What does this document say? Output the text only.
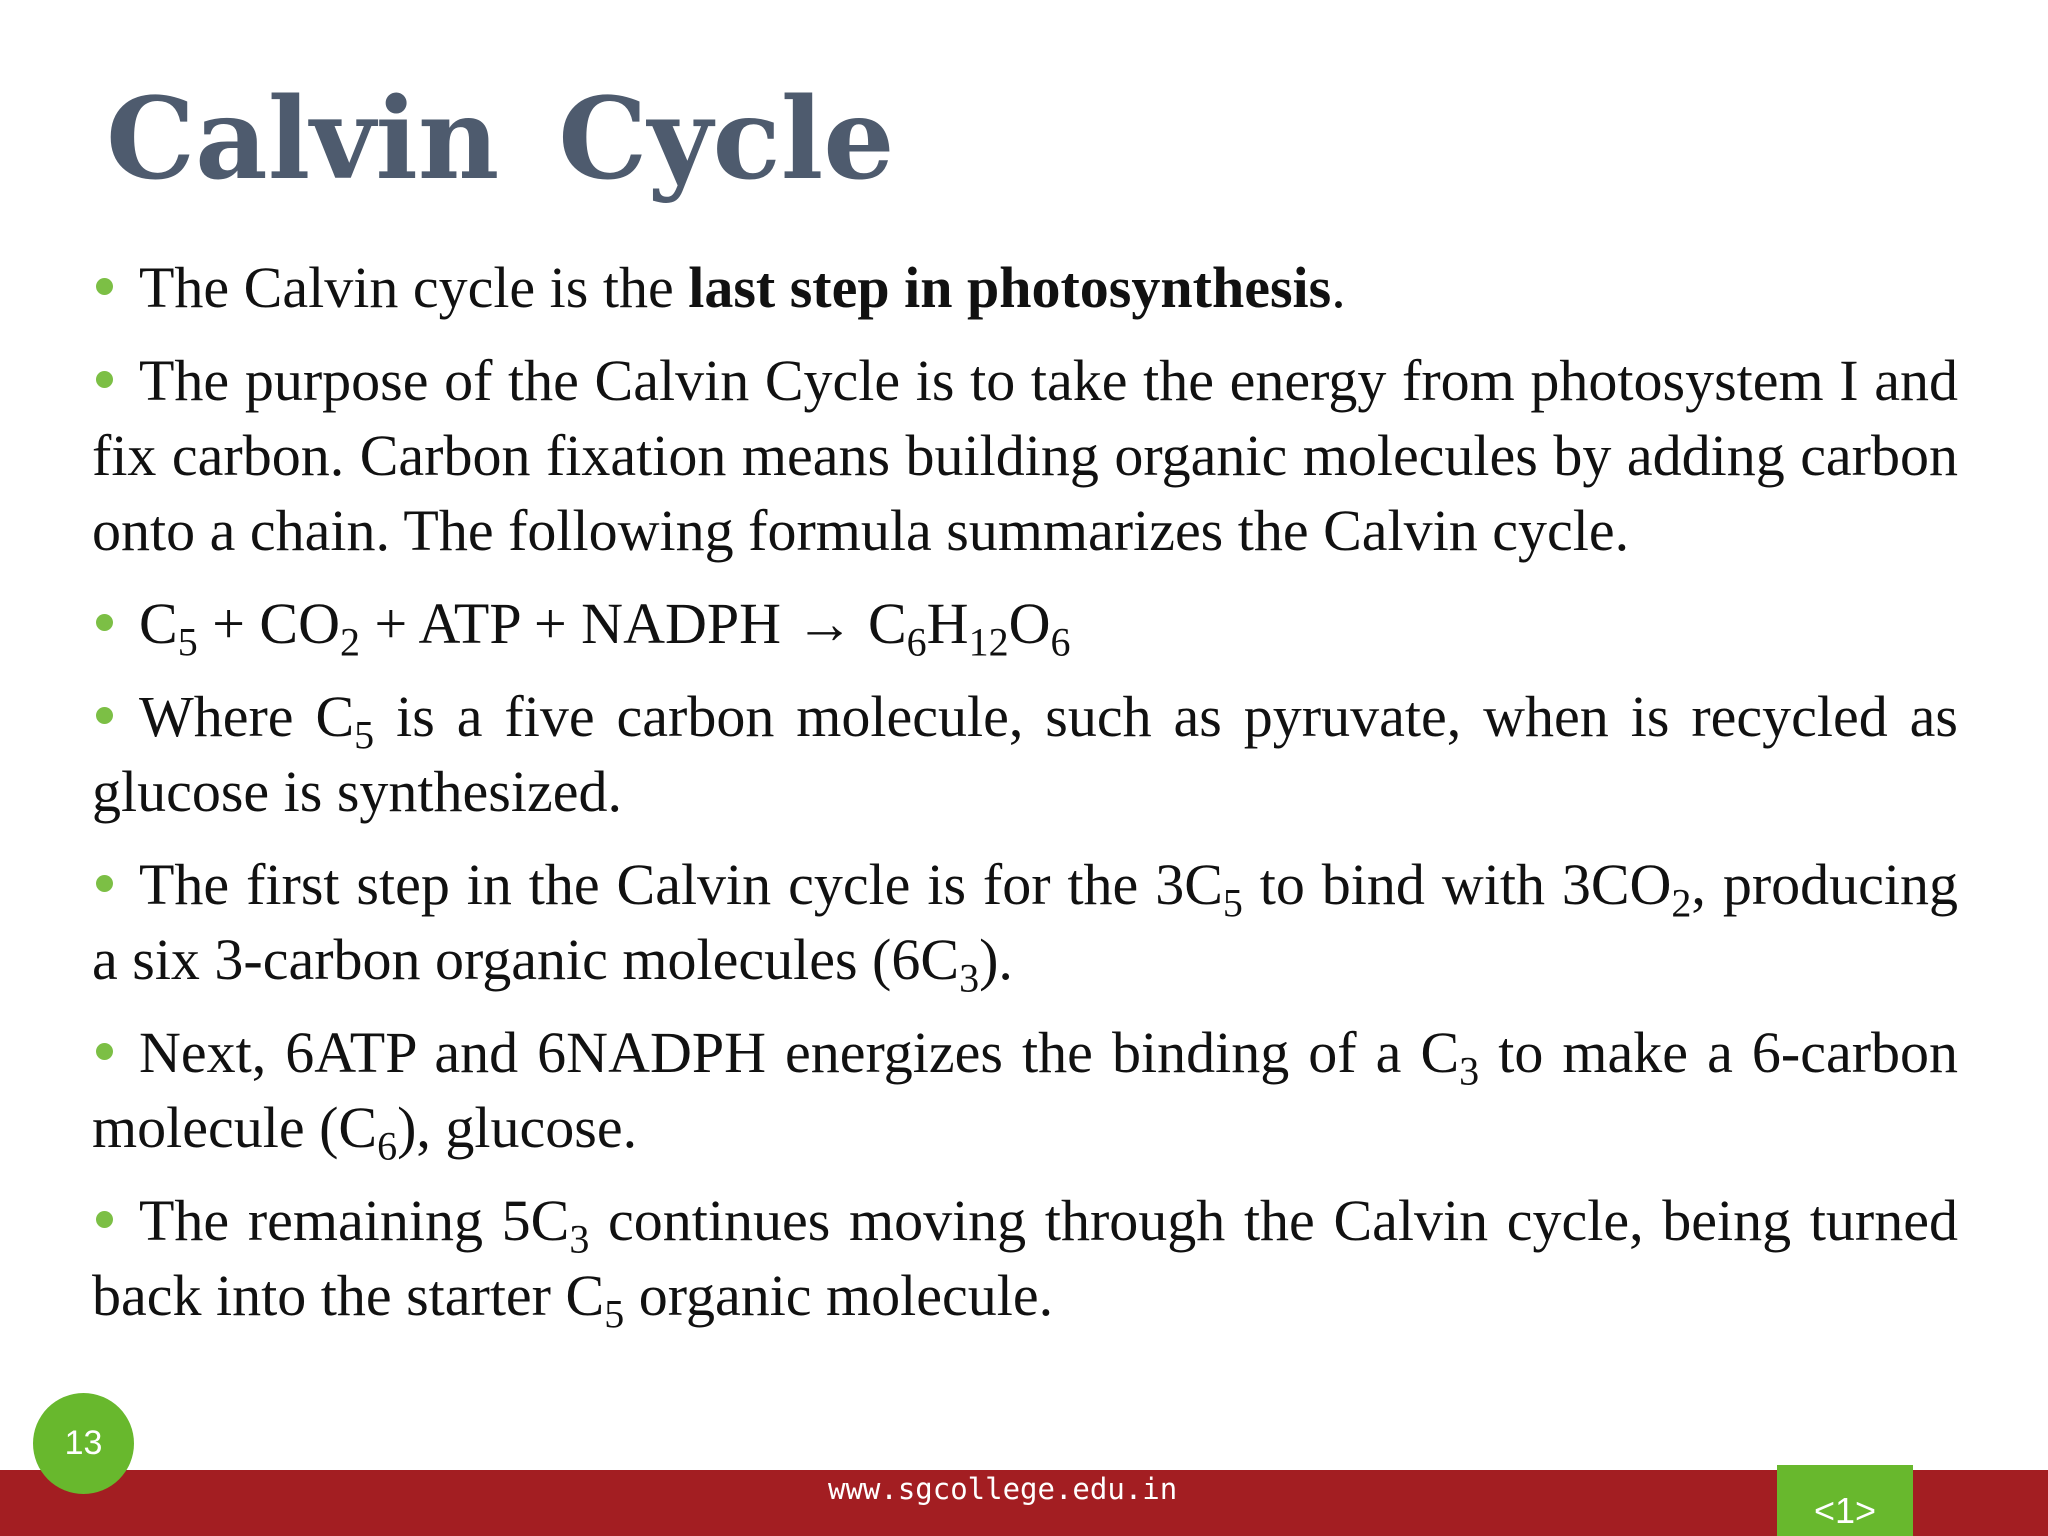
Calvin Cycle

The Calvin cycle is the last step in photosynthesis.

The purpose of the Calvin Cycle is to take the energy from photosystem I and fix carbon. Carbon fixation means building organic molecules by adding carbon onto a chain. The following formula summarizes the Calvin cycle.

$C_5 + CO_2$ + ATP + NADPH → $C_6H_{12}O_6$

Where $C_5$ is a five carbon molecule, such as pyruvate, when is recycled as glucose is synthesized.

The first step in the Calvin cycle is for the $3C_5$ to bind with $3CO_2$, producing a six 3-carbon organic molecules $(6C_3)$.

Next, 6ATP and 6NADPH energizes the binding of a $C_3$ to make a 6-carbon molecule $(C_6)$, glucose.

The remaining $5C_3$ continues moving through the Calvin cycle, being turned back into the starter $C_5$ organic molecule.

13
www.sgcollege.edu.in
<1>
